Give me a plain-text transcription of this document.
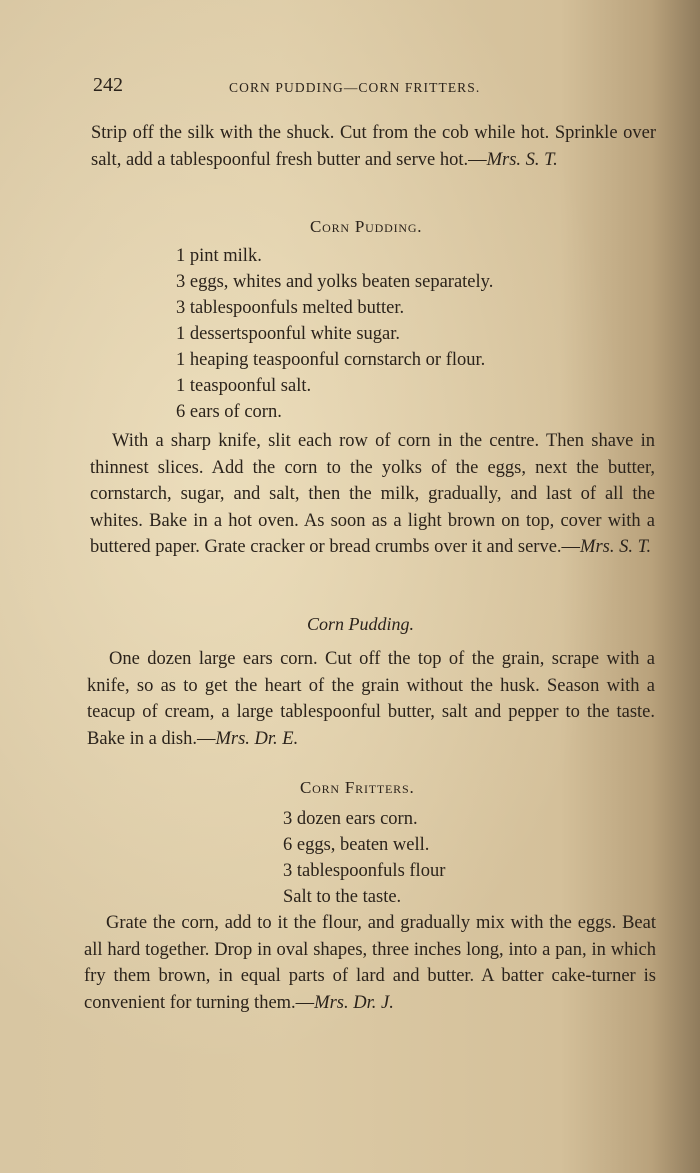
242	CORN PUDDING—CORN FRITTERS.

Strip off the silk with the shuck. Cut from the cob while hot. Sprinkle over salt, add a tablespoonful fresh butter and serve hot.—Mrs. S. T.

Corn Pudding.
1 pint milk.
3 eggs, whites and yolks beaten separately.
3 tablespoonfuls melted butter.
1 dessertspoonful white sugar.
1 heaping teaspoonful cornstarch or flour.
1 teaspoonful salt.
6 ears of corn.

With a sharp knife, slit each row of corn in the centre. Then shave in thinnest slices. Add the corn to the yolks of the eggs, next the butter, cornstarch, sugar, and salt, then the milk, gradually, and last of all the whites. Bake in a hot oven. As soon as a light brown on top, cover with a buttered paper. Grate cracker or bread crumbs over it and serve.—Mrs. S. T.

Corn Pudding.

One dozen large ears corn. Cut off the top of the grain, scrape with a knife, so as to get the heart of the grain without the husk. Season with a teacup of cream, a large tablespoonful butter, salt and pepper to the taste. Bake in a dish.—Mrs. Dr. E.

Corn Fritters.
3 dozen ears corn.
6 eggs, beaten well.
3 tablespoonfuls flour
Salt to the taste.

Grate the corn, add to it the flour, and gradually mix with the eggs. Beat all hard together. Drop in oval shapes, three inches long, into a pan, in which fry them brown, in equal parts of lard and butter. A batter cake-turner is convenient for turning them.—Mrs. Dr. J.
